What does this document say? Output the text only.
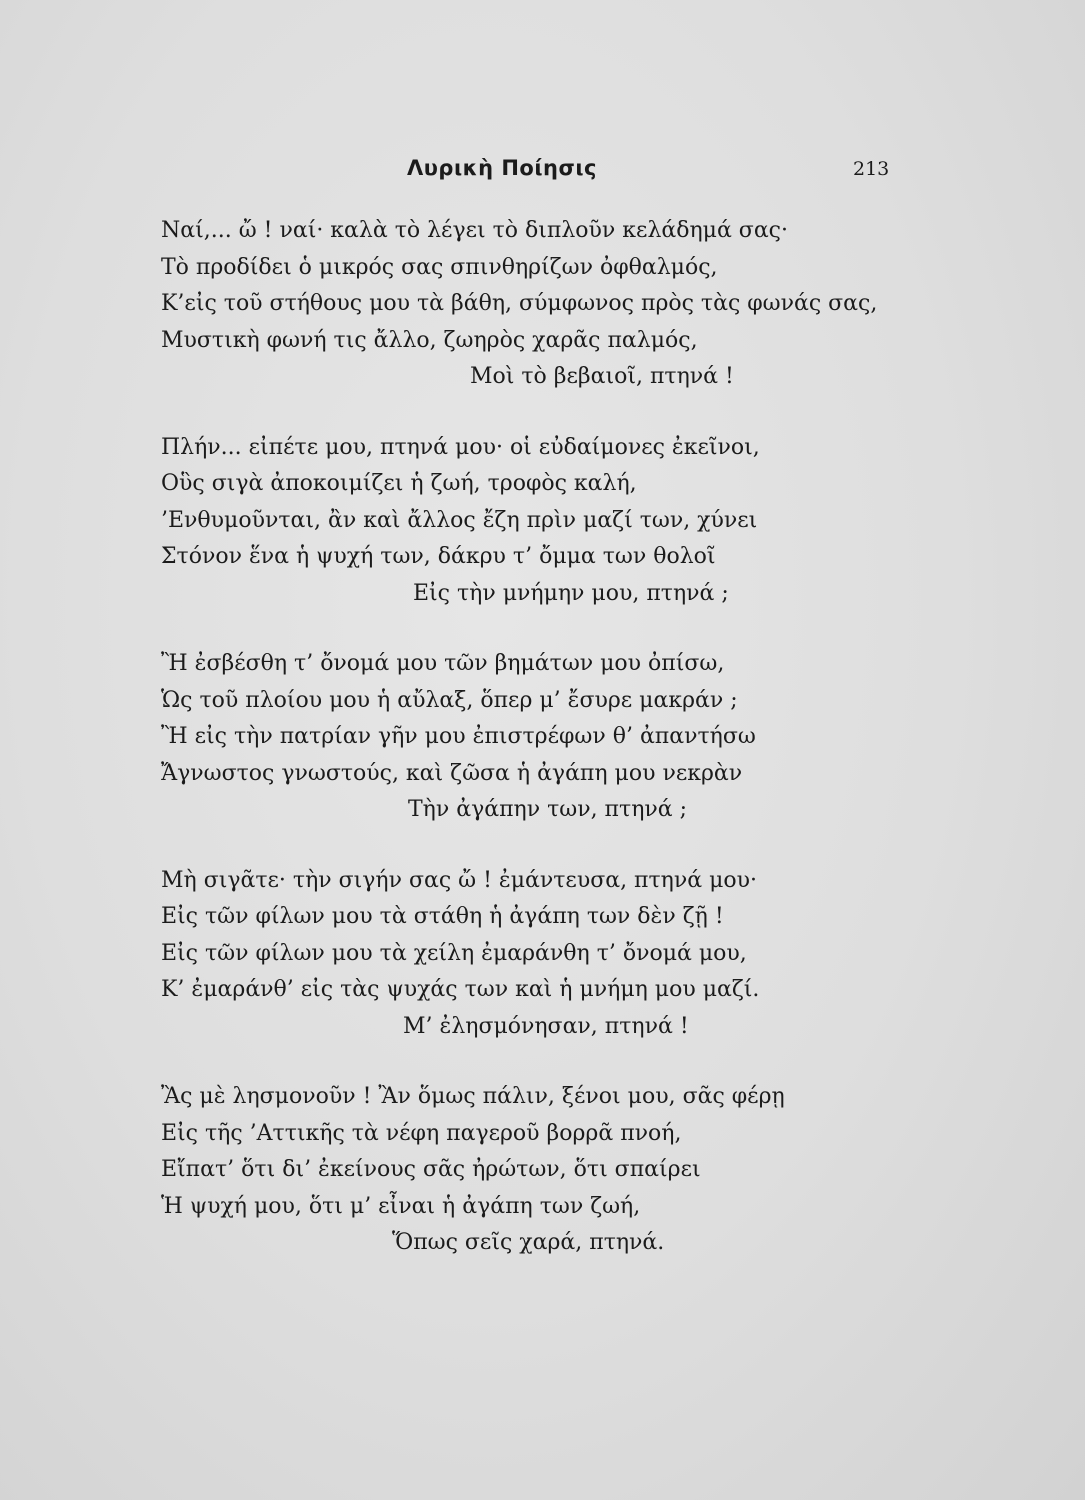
Λυρικὴ Ποίησις	213
Ναί,... ὤ ! ναί· καλὰ τὸ λέγει τὸ διπλοῦν κελάδημά σας·
Τὸ προδίδει ὁ μικρός σας σπινθηρίζων ὀφθαλμός,
Κ’εἰς τοῦ στήθους μου τὰ βάθη, σύμφωνος πρὸς τὰς φωνάς σας,
Μυστικὴ φωνή τις ἄλλο, ζωηρὸς χαρᾶς παλμός,
Μοὶ τὸ βεβαιοῖ, πτηνά !
Πλήν... εἰπέτε μου, πτηνά μου· οἱ εὐδαίμονες ἐκεῖνοι,
Οὓς σιγὰ ἀποκοιμίζει ἡ ζωή, τροφὸς καλή,
’Ενθυμοῦνται, ἂν καὶ ἄλλος ἔζη πρὶν μαζί των, χύνει
Στόνον ἕνα ἡ ψυχή των, δάκρυ τ’ ὄμμα των θολοῖ
Εἰς τὴν μνήμην μου, πτηνά ;
Ἢ ἐσβέσθη τ’ ὄνομά μου τῶν βημάτων μου ὀπίσω,
Ὡς τοῦ πλοίου μου ἡ αὔλαξ, ὅπερ μ’ ἔσυρε μακράν ;
Ἢ εἰς τὴν πατρίαν γῆν μου ἐπιστρέφων θ’ ἀπαντήσω
Ἄγνωστος γνωστούς, καὶ ζῶσα ἡ ἀγάπη μου νεκρὰν
Τὴν ἀγάπην των, πτηνά ;
Μὴ σιγᾶτε· τὴν σιγήν σας ὤ ! ἐμάντευσα, πτηνά μου·
Εἰς τῶν φίλων μου τὰ στάθη ἡ ἀγάπη των δὲν ζῇ !
Εἰς τῶν φίλων μου τὰ χείλη ἐμαράνθη τ’ ὄνομά μου,
Κ’ ἐμαράνθ’ εἰς τὰς ψυχάς των καὶ ἡ μνήμη μου μαζί.
Μ’ ἐλησμόνησαν, πτηνά !
Ἂς μὲ λησμονοῦν ! Ἂν ὅμως πάλιν, ξένοι μου, σᾶς φέρῃ
Εἰς τῆς ’Αττικῆς τὰ νέφη παγεροῦ βορρᾶ πνοή,
Εἴπατ’ ὅτι δι’ ἐκείνους σᾶς ἠρώτων, ὅτι σπαίρει
Ἡ ψυχή μου, ὅτι μ’ εἶναι ἡ ἀγάπη των ζωή,
Ὅπως σεῖς χαρά, πτηνά.
